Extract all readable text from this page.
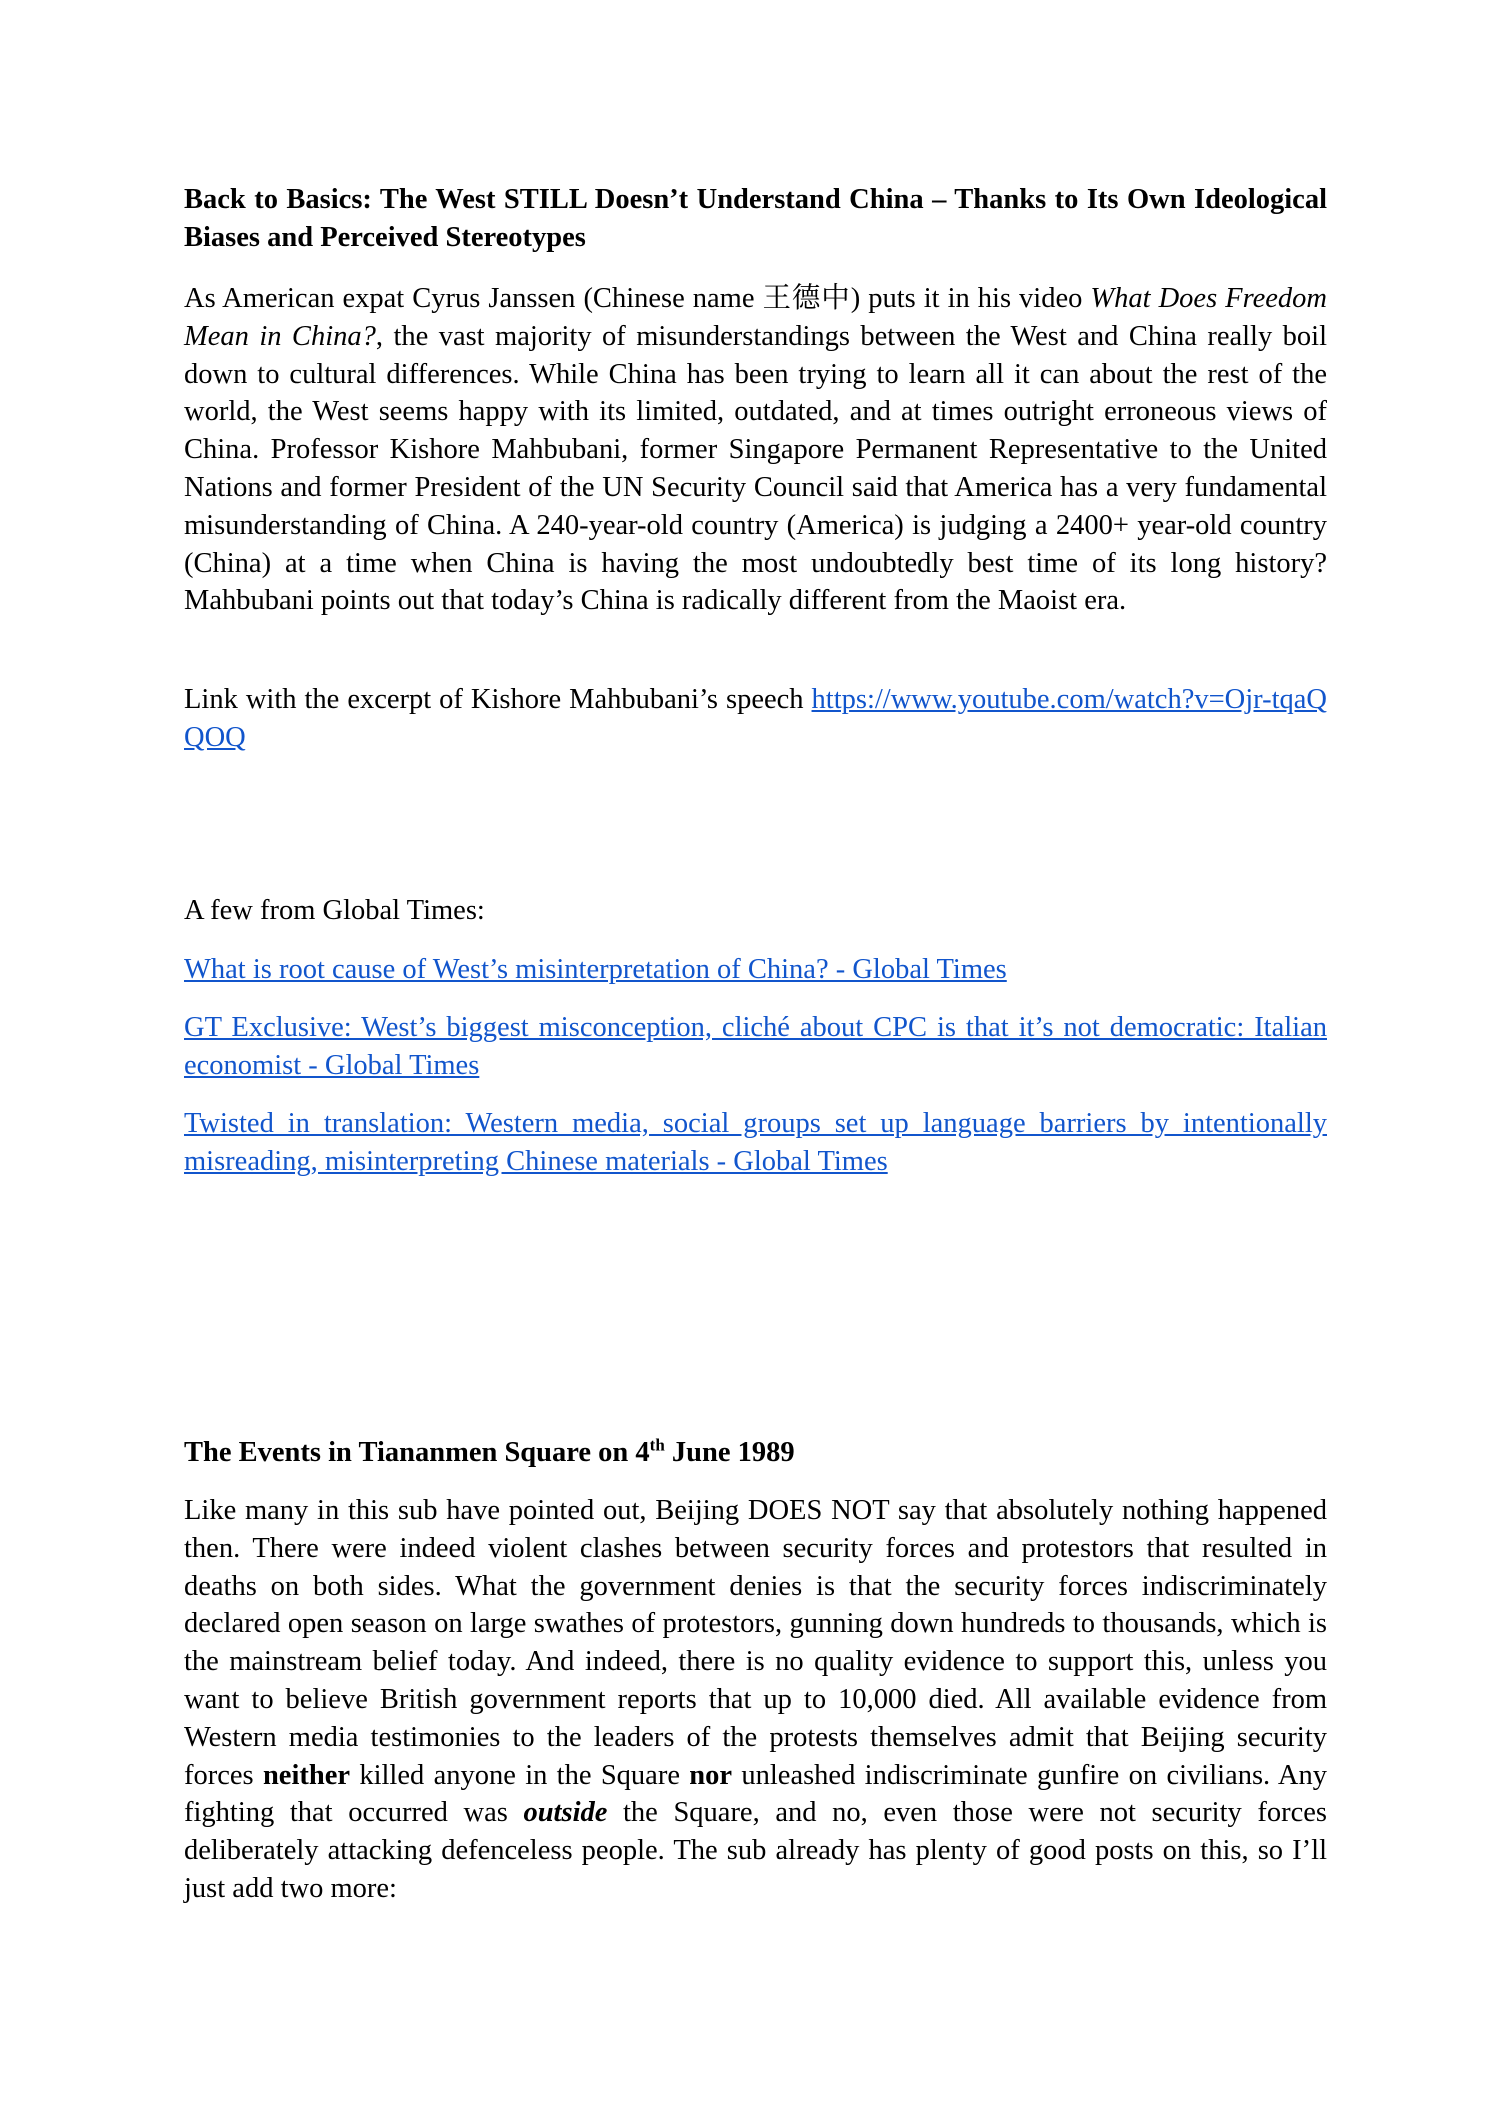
Back to Basics: The West STILL Doesn’t Understand China – Thanks to Its Own Ideological Biases and Perceived Stereotypes

As American expat Cyrus Janssen (Chinese name 王德中) puts it in his video What Does Freedom Mean in China?, the vast majority of misunderstandings between the West and China really boil down to cultural differences. While China has been trying to learn all it can about the rest of the world, the West seems happy with its limited, outdated, and at times outright erroneous views of China. Professor Kishore Mahbubani, former Singapore Permanent Representative to the United Nations and former President of the UN Security Council said that America has a very fundamental misunderstanding of China. A 240-year-old country (America) is judging a 2400+ year-old country (China) at a time when China is having the most undoubtedly best time of its long history? Mahbubani points out that today’s China is radically different from the Maoist era.

Link with the excerpt of Kishore Mahbubani’s speech https://www.youtube.com/watch?v=Ojr-tqaQQOQ

A few from Global Times:

What is root cause of West’s misinterpretation of China? - Global Times

GT Exclusive: West’s biggest misconception, cliché about CPC is that it’s not democratic: Italian economist - Global Times

Twisted in translation: Western media, social groups set up language barriers by intentionally misreading, misinterpreting Chinese materials - Global Times

The Events in Tiananmen Square on 4th June 1989

Like many in this sub have pointed out, Beijing DOES NOT say that absolutely nothing happened then. There were indeed violent clashes between security forces and protestors that resulted in deaths on both sides. What the government denies is that the security forces indiscriminately declared open season on large swathes of protestors, gunning down hundreds to thousands, which is the mainstream belief today. And indeed, there is no quality evidence to support this, unless you want to believe British government reports that up to 10,000 died. All available evidence from Western media testimonies to the leaders of the protests themselves admit that Beijing security forces neither killed anyone in the Square nor unleashed indiscriminate gunfire on civilians. Any fighting that occurred was outside the Square, and no, even those were not security forces deliberately attacking defenceless people. The sub already has plenty of good posts on this, so I’ll just add two more:
